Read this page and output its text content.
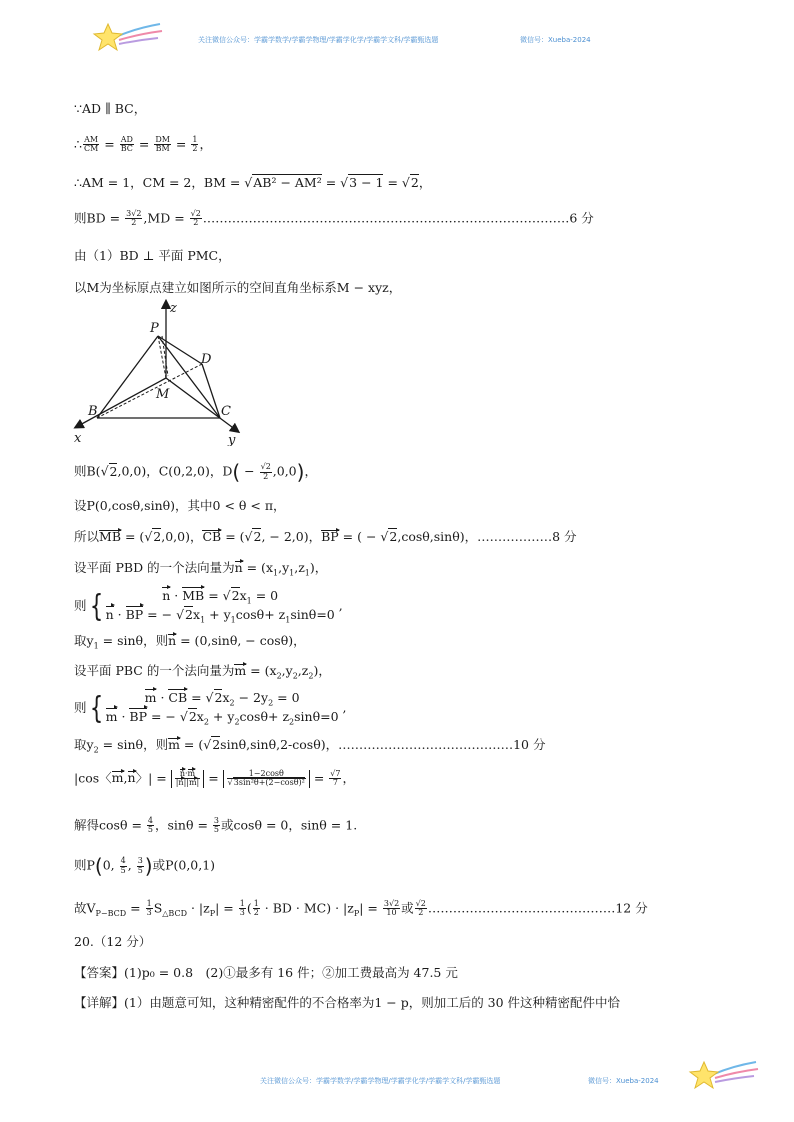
关注微信公众号：学霸学数学/学霸学物理/学霸学化学/学霸学文科/学霸甄选题	微信号：Xueba-2024
∵AD ∥ BC，
∴ $\frac{AM}{CM} = \frac{AD}{BC} = \frac{DM}{BM} = \frac{1}{2}$ ，
∴AM = 1，CM = 2，BM = √AB² − AM² = √3 − 1 = √2，
则BD = $\frac{3√2}{2} ,MD = \frac{√2}{2}$ .……………………………………………………………………………6 分
由（1）BD ⊥ 平面 PMC，
以M为坐标原点建立如图所示的空间直角坐标系M − xyz，
z
P
D
M
B	C
x	y
则B(√2,0,0)，C(0,2,0)，$D( - \frac{√2}{2} ,0,0)$，
设P(0,cosθ,sinθ)，其中0 < θ < π，
所以MB = (√2,0,0)，CB = (√2, − 2,0)，BP = ( − √2,cosθ,sinθ)，………………8 分
设平面 PBD 的一个法向量为$n = (x_1,y_1,z_1)$，
则{	n · MB = $√2x_1 = 0$
n · BP = − $√2x_1 + y_1\cos\theta+ z_1\sin\theta=0$
,
取$y_1 = \sin\theta$，则n = (0,sinθ, − cosθ)，
设平面 PBC 的一个法向量为$m = (x_2,y_2,z_2)$，
则{	m · CB = $√2x_2 - 2y_2 = 0$
m · BP = − $√2x_2 + y_2\cos\theta+ z_2\sin\theta=0$
,
取$y_2 = \sin\theta$，则m = (√2sinθ,sinθ,2-cosθ)，……………………………………10 分
|cos〈m,n〉| = $\frac{n\cdot m}{|n||m|} = \frac{1-2\cos\theta}{\text{√3sin²θ+(2−cosθ)²}} = \frac{√7}{7}$ ，
解得$\cos\theta = \frac{4}{5}$ ，$\sin\theta = \frac{3}{5}$ 或cosθ = 0，sinθ = 1.
则P(0, $\frac{4}{5}$ , $\frac{3}{5}$ )或P(0,0,1)
故$V_{P-BCD} = \frac{1}{3} S_{\triangle BCD} \cdot |z_P| = \frac{1}{3}$ ( $\frac{1}{2}$ · BD · $MC) \cdot |z_P| = \frac{3√2}{10}$ 或 $\frac{√2}{2}$ ………………………………………12 分
20.（12 分）
【答案】(1)p₀ = 0.8　(2)①最多有 16 件；②加工费最高为 47.5 元
【详解】(1）由题意可知，这种精密配件的不合格率为1 − p，则加工后的 30 件这种精密配件中恰
关注微信公众号：学霸学数学/学霸学物理/学霸学化学/学霸学文科/学霸甄选题	微信号：Xueba-2024
